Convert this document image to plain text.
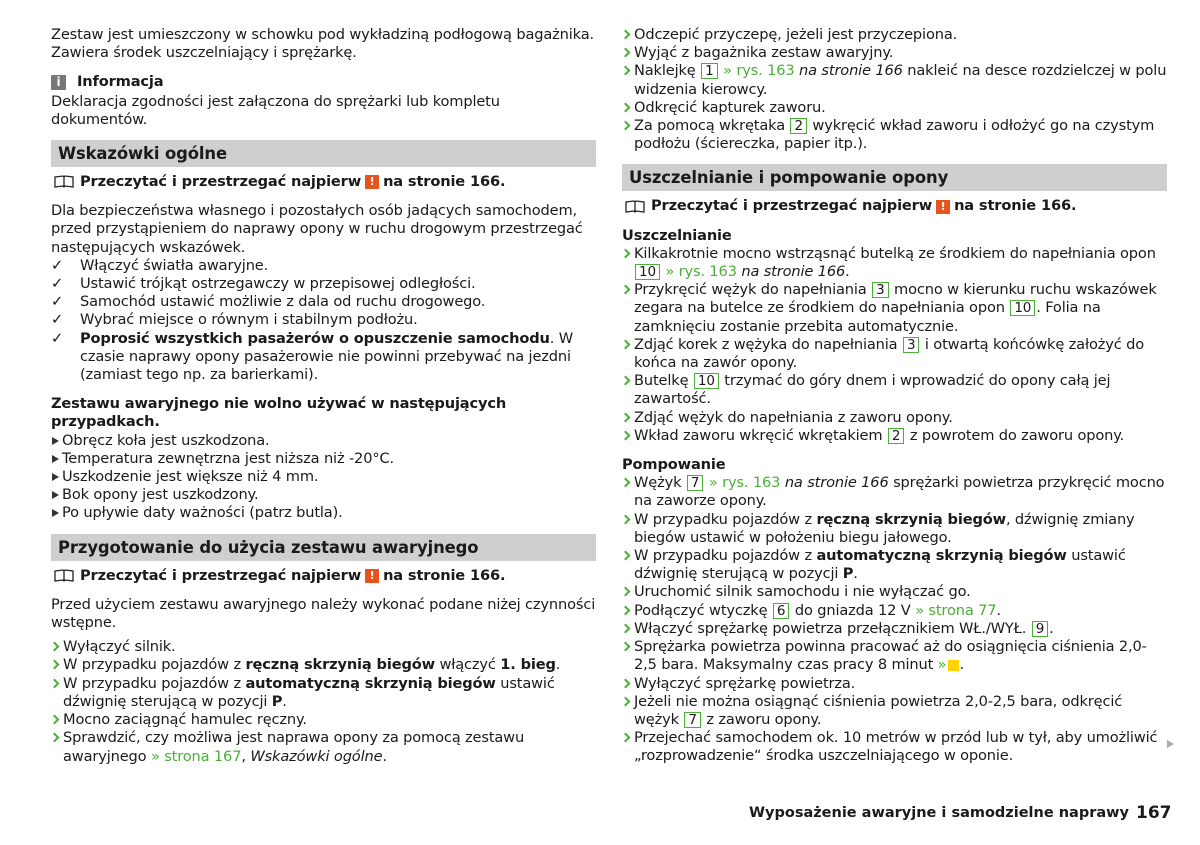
Zestaw jest umieszczony w schowku pod wykładziną podłogową bagażnika. Zawiera środek uszczelniający i sprężarkę.

i	Informacja

Deklaracja zgodności jest załączona do sprężarki lub kompletu dokumentów.

Wskazówki ogólne
Przeczytać i przestrzegać najpierw ! na stronie 166.

Dla bezpieczeństwa własnego i pozostałych osób jadących samochodem, przed przystąpieniem do naprawy opony w ruchu drogowym przestrzegać następujących wskazówek.

✓ Włączyć światła awaryjne.
✓ Ustawić trójkąt ostrzegawczy w przepisowej odległości.
✓ Samochód ustawić możliwie z dala od ruchu drogowego.
✓ Wybrać miejsce o równym i stabilnym podłożu.
✓ Poprosić wszystkich pasażerów o opuszczenie samochodu. W czasie naprawy opony pasażerowie nie powinni przebywać na jezdni (zamiast tego np. za barierkami).

Zestawu awaryjnego nie wolno używać w następujących przypadkach.

Obręcz koła jest uszkodzona.
Temperatura zewnętrzna jest niższa niż -20°C.
Uszkodzenie jest większe niż 4 mm.
Bok opony jest uszkodzony.
Po upływie daty ważności (patrz butla).
Przygotowanie do użycia zestawu awaryjnego
Przeczytać i przestrzegać najpierw ! na stronie 166.

Przed użyciem zestawu awaryjnego należy wykonać podane niżej czynności wstępne.

Wyłączyć silnik.
W przypadku pojazdów z ręczną skrzynią biegów włączyć 1. bieg.
W przypadku pojazdów z automatyczną skrzynią biegów ustawić dźwignię sterującą w pozycji P.
Mocno zaciągnąć hamulec ręczny.
Sprawdzić, czy możliwa jest naprawa opony za pomocą zestawu awaryjnego » strona 167, Wskazówki ogólne.
Odczepić przyczepę, jeżeli jest przyczepiona.
Wyjąć z bagażnika zestaw awaryjny.
Naklejkę 1 » rys. 163 na stronie 166 nakleić na desce rozdzielczej w polu widzenia kierowcy.
Odkręcić kapturek zaworu.
Za pomocą wkrętaka 2 wykręcić wkład zaworu i odłożyć go na czystym podłożu (ściereczka, papier itp.).
Uszczelnianie i pompowanie opony
Przeczytać i przestrzegać najpierw ! na stronie 166.

Uszczelnianie

Kilkakrotnie mocno wstrząsnąć butelką ze środkiem do napełniania opon 10 » rys. 163 na stronie 166.
Przykręcić wężyk do napełniania 3 mocno w kierunku ruchu wskazówek zegara na butelce ze środkiem do napełniania opon 10 . Folia na zamknięciu zostanie przebita automatycznie.
Zdjąć korek z wężyka do napełniania 3 i otwartą końcówkę założyć do końca na zawór opony.
Butelkę 10 trzymać do góry dnem i wprowadzić do opony całą jej zawartość.
Zdjąć wężyk do napełniania z zaworu opony.
Wkład zaworu wkręcić wkrętakiem 2 z powrotem do zaworu opony.

Pompowanie

Wężyk 7 » rys. 163 na stronie 166 sprężarki powietrza przykręcić mocno na zaworze opony.
W przypadku pojazdów z ręczną skrzynią biegów, dźwignię zmiany biegów ustawić w położeniu biegu jałowego.
W przypadku pojazdów z automatyczną skrzynią biegów ustawić dźwignię sterującą w pozycji P.
Uruchomić silnik samochodu i nie wyłączać go.
Podłączyć wtyczkę 6 do gniazda 12 V » strona 77.
Włączyć sprężarkę powietrza przełącznikiem WŁ./WYŁ. 9 .
Sprężarka powietrza powinna pracować aż do osiągnięcia ciśnienia 2,0-2,5 bara. Maksymalny czas pracy 8 minut » .
Wyłączyć sprężarkę powietrza.
Jeżeli nie można osiągnąć ciśnienia powietrza 2,0-2,5 bara, odkręcić wężyk 7 z zaworu opony.
Przejechać samochodem ok. 10 metrów w przód lub w tył, aby umożliwić „rozprowadzenie“ środka uszczelniającego w oponie.
Wyposażenie awaryjne i samodzielne naprawy 167
